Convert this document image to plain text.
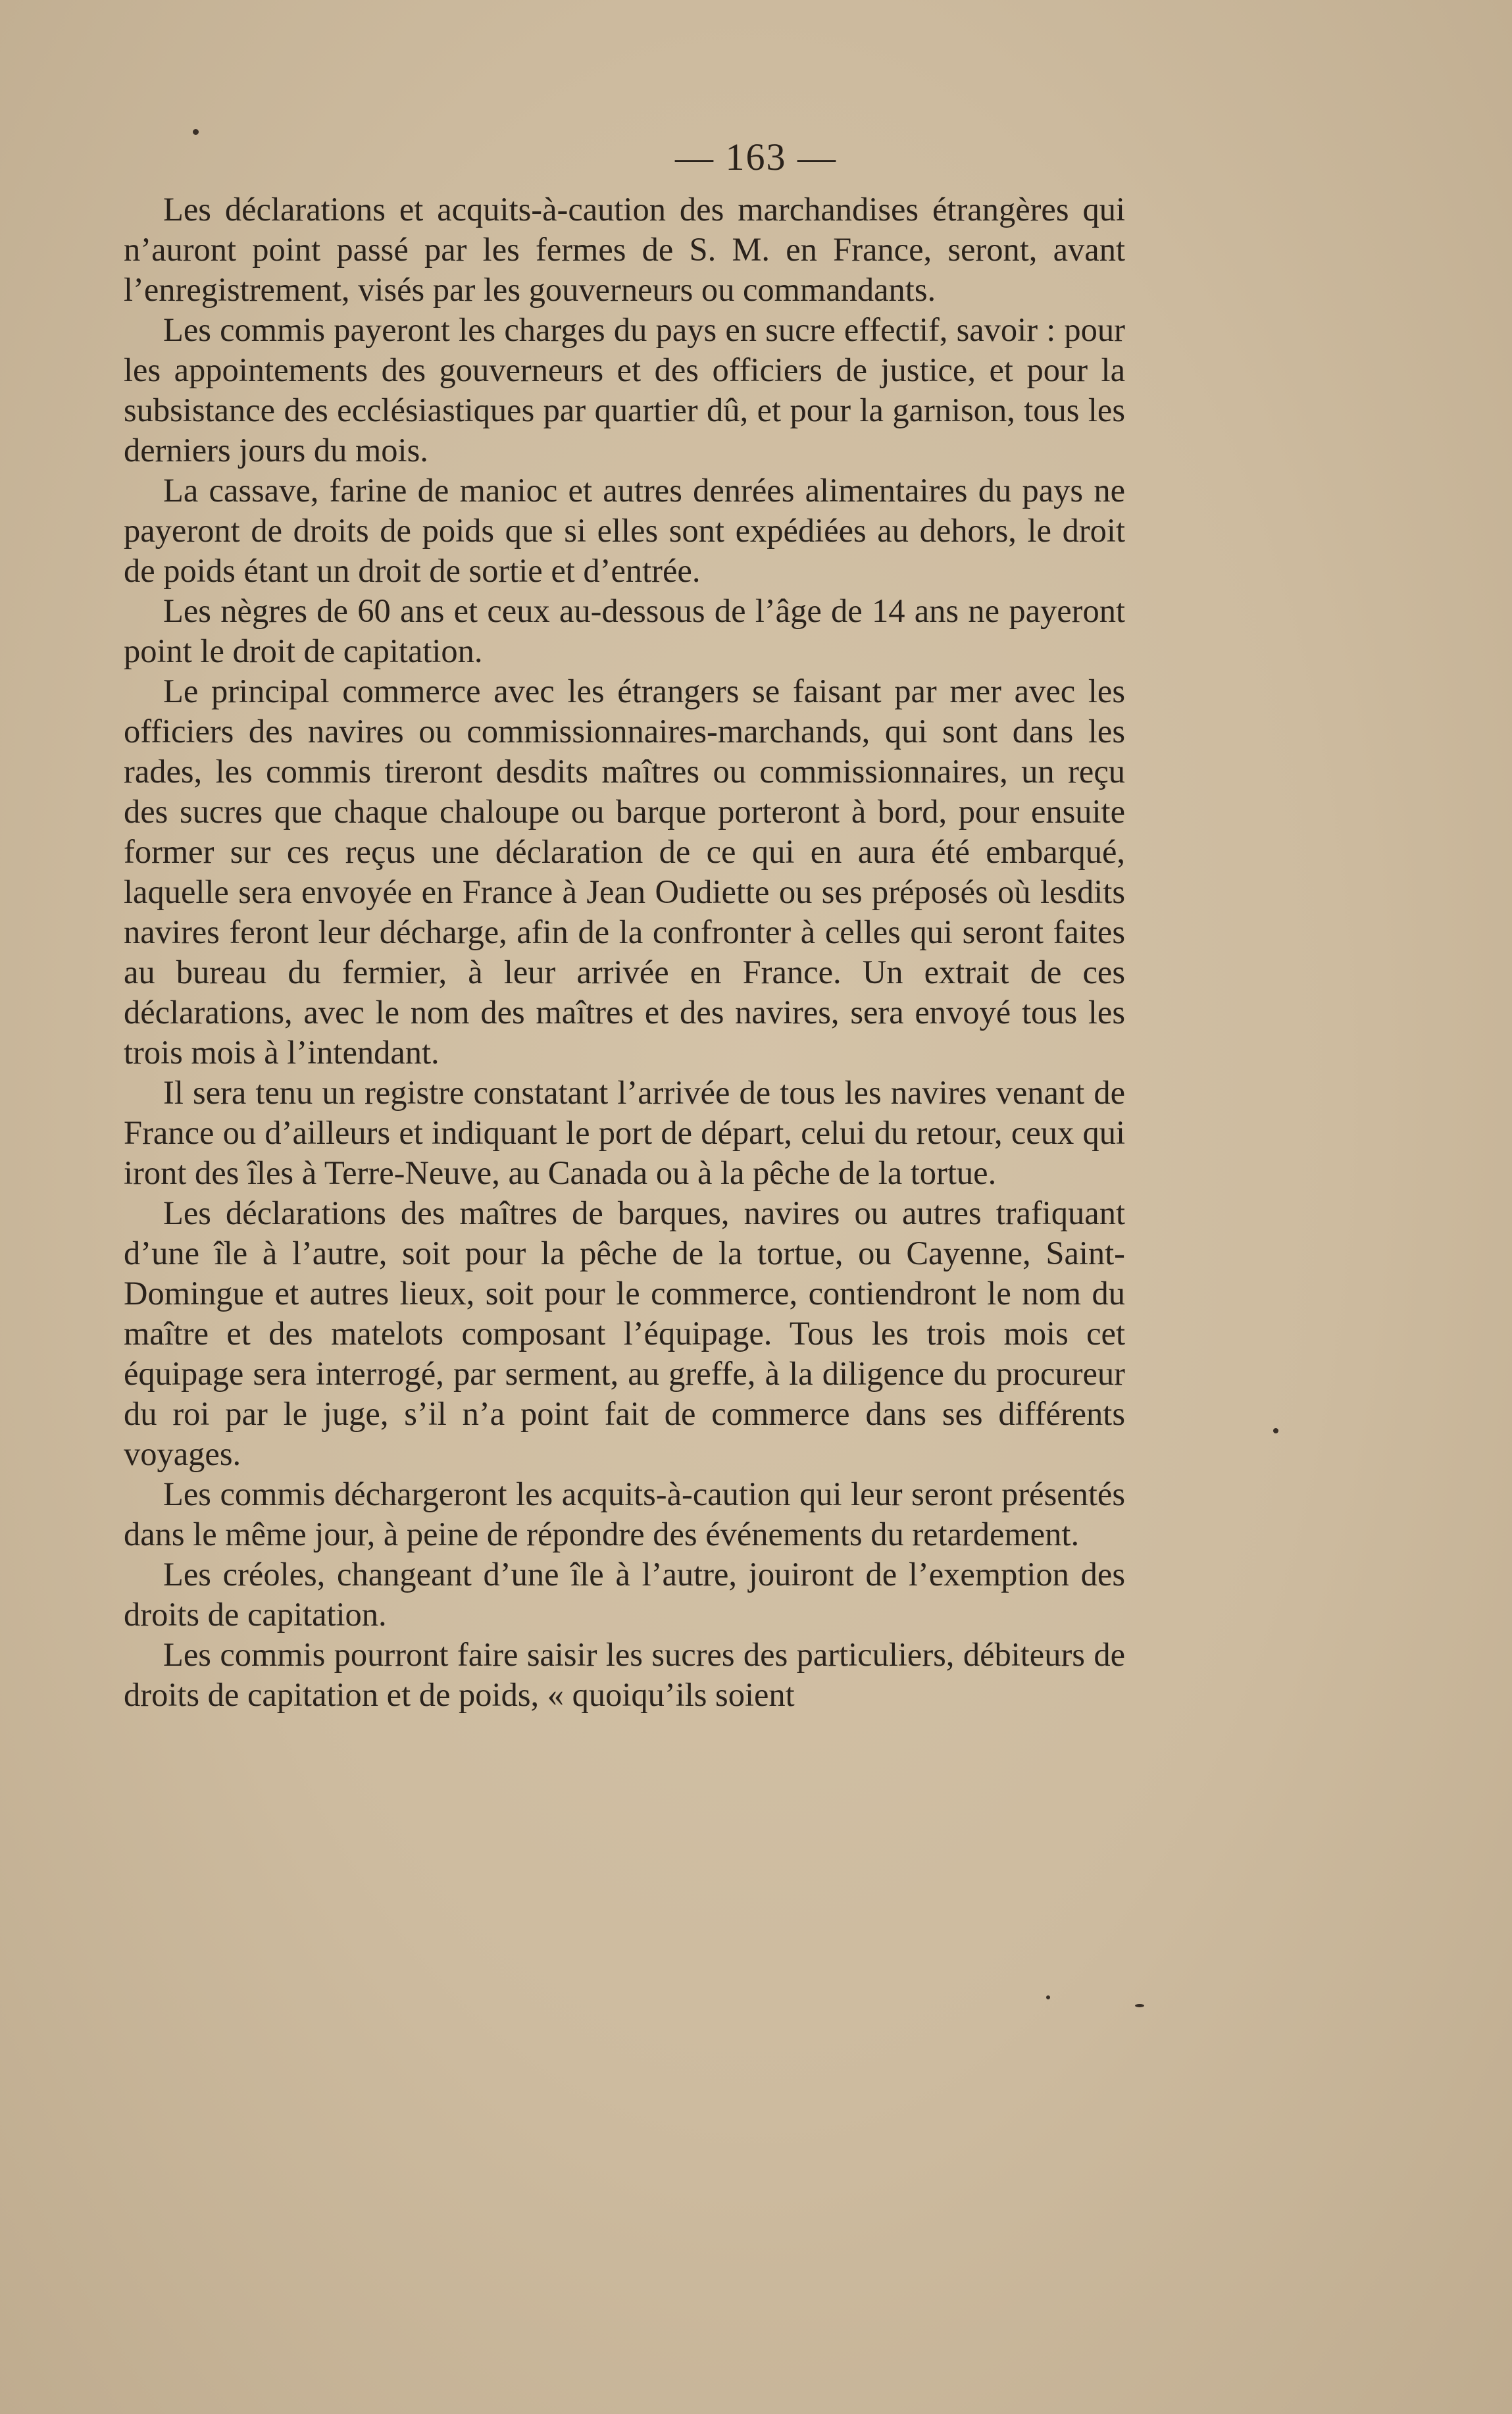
— 163 —

Les déclarations et acquits-à-caution des marchandises étrangères qui n’auront point passé par les fermes de S. M. en France, seront, avant l’enregistrement, visés par les gouverneurs ou commandants.

Les commis payeront les charges du pays en sucre effectif, savoir : pour les appointements des gouverneurs et des officiers de justice, et pour la subsistance des ecclésiastiques par quartier dû, et pour la garnison, tous les derniers jours du mois.

La cassave, farine de manioc et autres denrées alimentaires du pays ne payeront de droits de poids que si elles sont expédiées au dehors, le droit de poids étant un droit de sortie et d’entrée.

Les nègres de 60 ans et ceux au-dessous de l’âge de 14 ans ne payeront point le droit de capitation.

Le principal commerce avec les étrangers se faisant par mer avec les officiers des navires ou commissionnaires-marchands, qui sont dans les rades, les commis tireront desdits maîtres ou commissionnaires, un reçu des sucres que chaque chaloupe ou barque porteront à bord, pour ensuite former sur ces reçus une déclaration de ce qui en aura été embarqué, laquelle sera envoyée en France à Jean Oudiette ou ses préposés où lesdits navires feront leur décharge, afin de la confronter à celles qui seront faites au bureau du fermier, à leur arrivée en France. Un extrait de ces déclarations, avec le nom des maîtres et des navires, sera envoyé tous les trois mois à l’intendant.

Il sera tenu un registre constatant l’arrivée de tous les navires venant de France ou d’ailleurs et indiquant le port de départ, celui du retour, ceux qui iront des îles à Terre-Neuve, au Canada ou à la pêche de la tortue.

Les déclarations des maîtres de barques, navires ou autres trafiquant d’une île à l’autre, soit pour la pêche de la tortue, ou Cayenne, Saint-Domingue et autres lieux, soit pour le commerce, contiendront le nom du maître et des matelots composant l’équipage. Tous les trois mois cet équipage sera interrogé, par serment, au greffe, à la diligence du procureur du roi par le juge, s’il n’a point fait de commerce dans ses différents voyages.

Les commis déchargeront les acquits-à-caution qui leur seront présentés dans le même jour, à peine de répondre des événements du retardement.

Les créoles, changeant d’une île à l’autre, jouiront de l’exemption des droits de capitation.

Les commis pourront faire saisir les sucres des particuliers, débiteurs de droits de capitation et de poids, « quoiqu’ils soient
